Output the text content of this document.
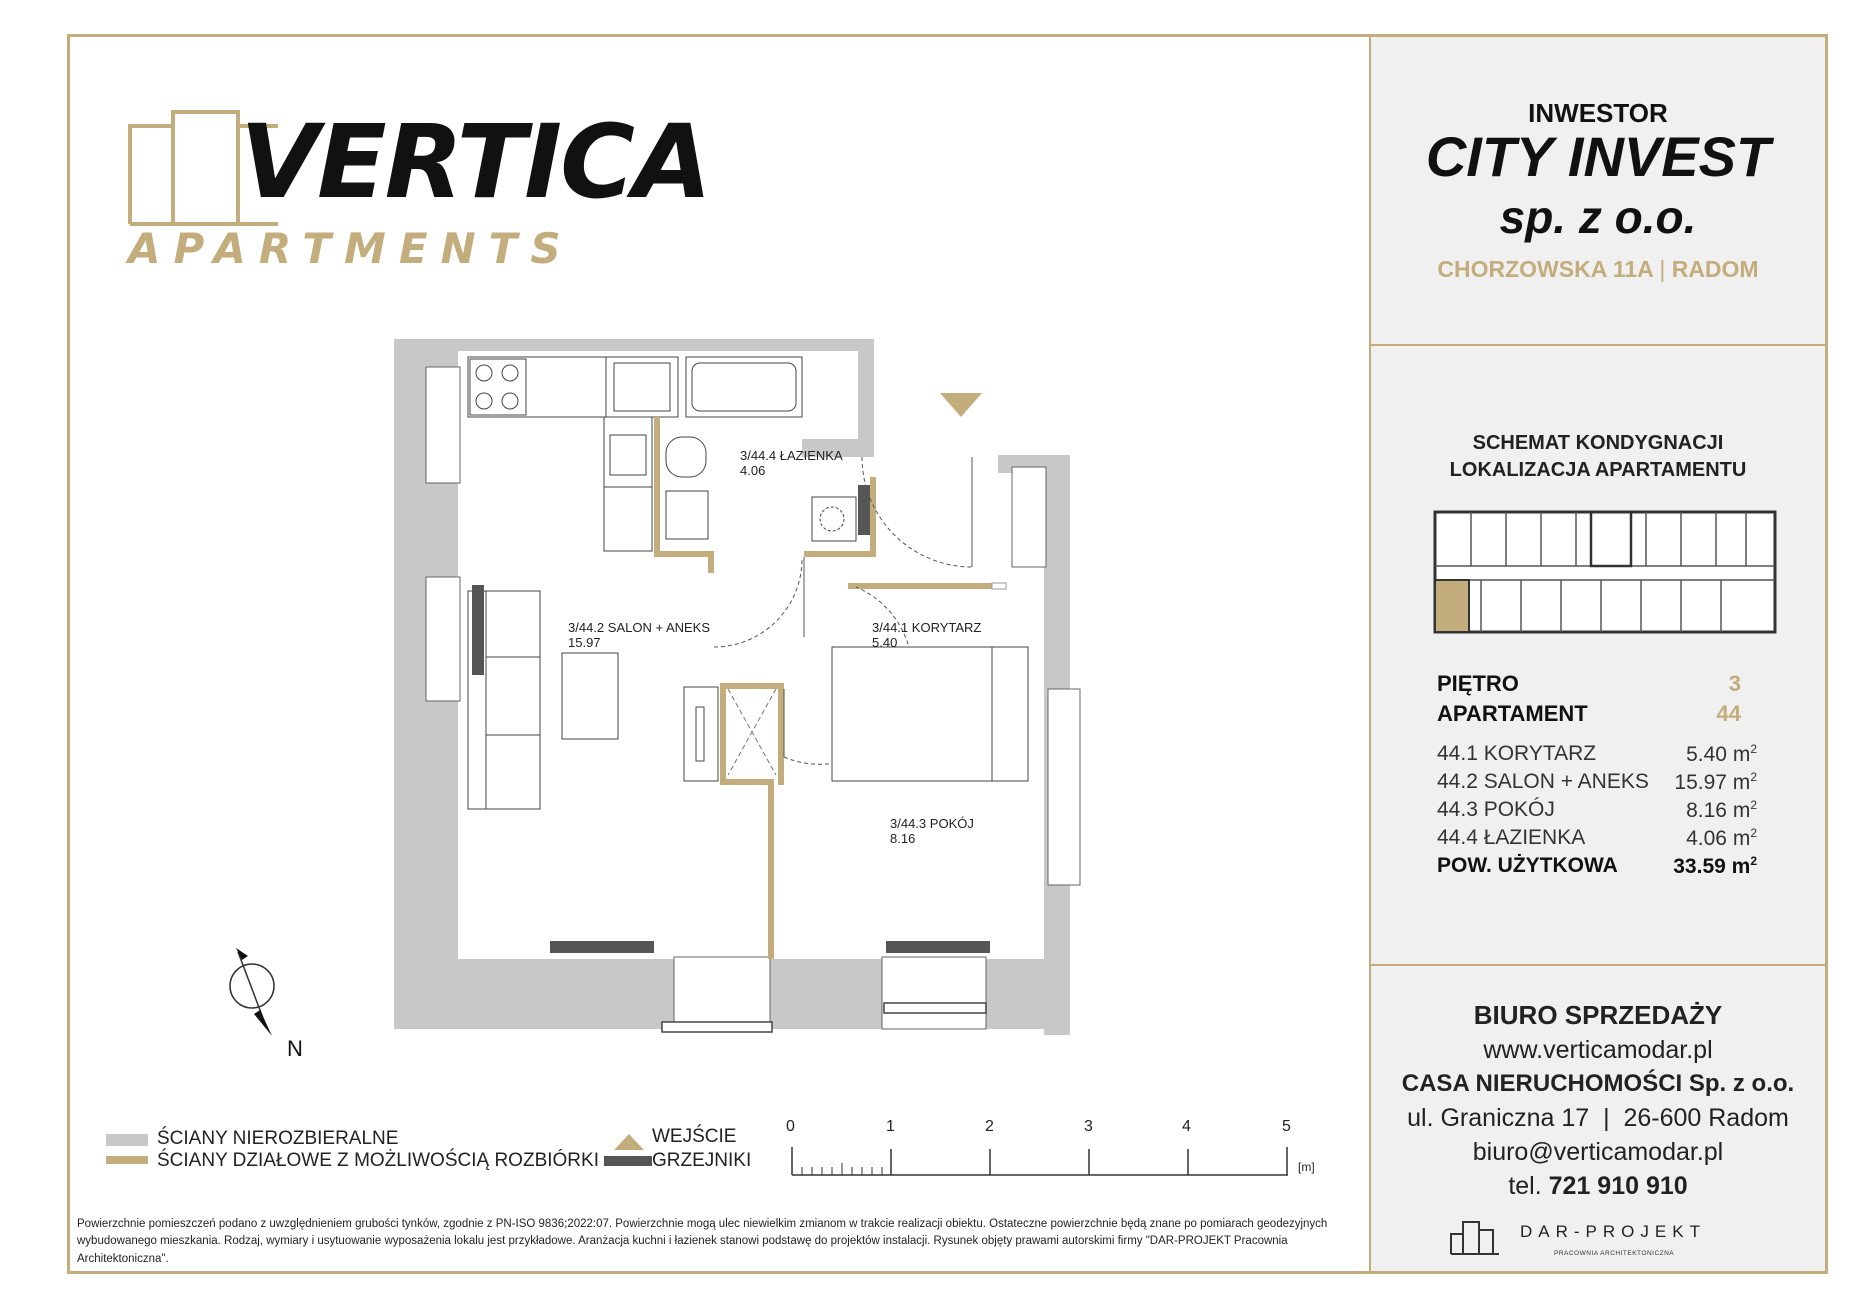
VERTICA
APARTMENTS
INWESTOR
CITY INVEST
sp. z o.o.
CHORZOWSKA 11A | RADOM
SCHEMAT KONDYGNACJI
LOKALIZACJA APARTAMENTU
PIĘTRO	3
APARTAMENT	44
44.1 KORYTARZ	5.40 $m^2$
44.2 SALON + ANEKS 15.97 $m^2$
44.3 POKÓJ	8.16 $m^2$
44.4 ŁAZIENKA	4.06 $m^2$
POW. UŻYTKOWA	33.59 $m^2$
BIURO SPRZEDAŻY
www.verticamodar.pl
CASA NIERUCHOMOŚCI Sp. z o.o.
ul. Graniczna 17  |  26-600 Radom
biuro@verticamodar.pl
tel. 721 910 910
DAR-PROJEKT
PRACOWNIA ARCHITEKTONICZNA
3/44.4 ŁAZIENKA
4.06
3/44.2 SALON + ANEKS
15.97
3/44.1 KORYTARZ
5.40
3/44.3 POKÓJ
8.16
N
ŚCIANY NIEROZBIERALNE
ŚCIANY DZIAŁOWE Z MOŻLIWOŚCIĄ ROZBIÓRKI
WEJŚCIE
GRZEJNIKI
0	1	2	3	4	5
[m]
Powierzchnie pomieszczeń podano z uwzględnieniem grubości tynków, zgodnie z PN-ISO 9836;2022:07. Powierzchnie mogą ulec niewielkim zmianom w trakcie realizacji obiektu. Ostateczne powierzchnie będą znane po pomiarach geodezyjnych wybudowanego mieszkania. Rodzaj, wymiary i usytuowanie wyposażenia lokalu jest przykładowe. Aranżacja kuchni i łazienek stanowi podstawę do projektów instalacji. Rysunek objęty prawami autorskimi firmy "DAR-PROJEKT Pracownia Architektoniczna".
